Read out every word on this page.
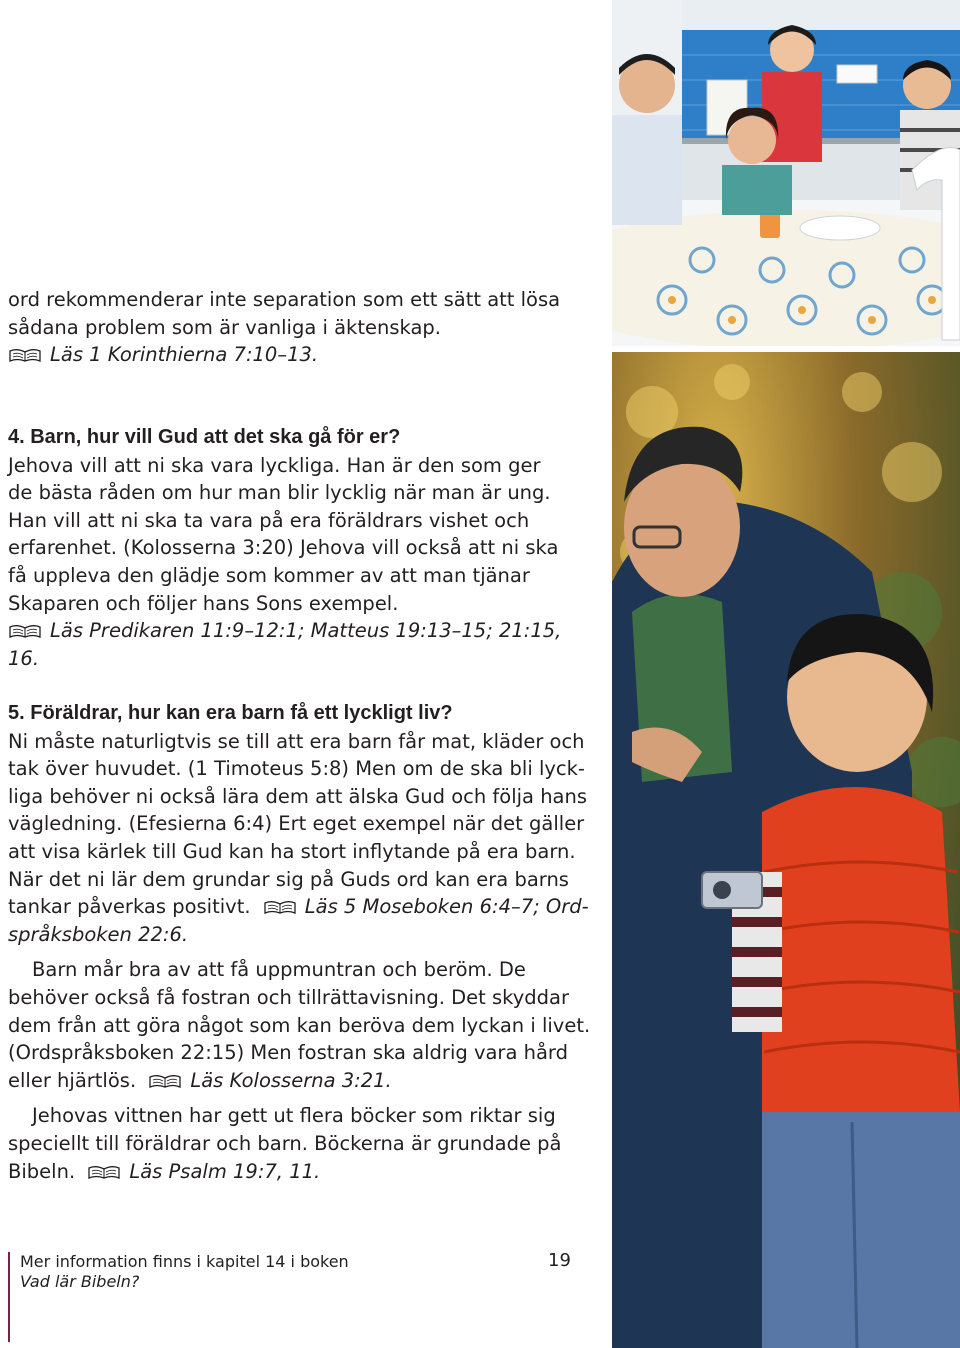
ord rekommenderar inte separation som ett sätt att lösa

sådana problem som är vanliga i äktenskap.

Läs 1 Korinthierna 7:10–13.

4. Barn, hur vill Gud att det ska gå för er?

Jehova vill att ni ska vara lyckliga. Han är den som ger

de bästa råden om hur man blir lycklig när man är ung.

Han vill att ni ska ta vara på era föräldrars vishet och

erfarenhet. (Kolosserna 3:20) Jehova vill också att ni ska

få uppleva den glädje som kommer av att man tjänar

Skaparen och följer hans Sons exempel.

Läs Predikaren 11:9–12:1; Matteus 19:13–15; 21:15, 16.

5. Föräldrar, hur kan era barn få ett lyckligt liv?

Ni måste naturligtvis se till att era barn får mat, kläder och

tak över huvudet. (1 Timoteus 5:8) Men om de ska bli lyck-

liga behöver ni också lära dem att älska Gud och följa hans

vägledning. (Efesierna 6:4) Ert eget exempel när det gäller

att visa kärlek till Gud kan ha stort inflytande på era barn.

När det ni lär dem grundar sig på Guds ord kan era barns

tankar påverkas positivt.	Läs 5 Moseboken 6:4–7; Ord-

språksboken 22:6.

Barn mår bra av att få uppmuntran och beröm. De

behöver också få fostran och tillrättavisning. Det skyddar

dem från att göra något som kan beröva dem lyckan i livet.

(Ordspråksboken 22:15) Men fostran ska aldrig vara hård

eller hjärtlös.	Läs Kolosserna 3:21.

Jehovas vittnen har gett ut flera böcker som riktar sig

speciellt till föräldrar och barn. Böckerna är grundade på

Bibeln.	Läs Psalm 19:7, 11.

Mer information finns i kapitel 14 i boken
Vad lär Bibeln?
19
